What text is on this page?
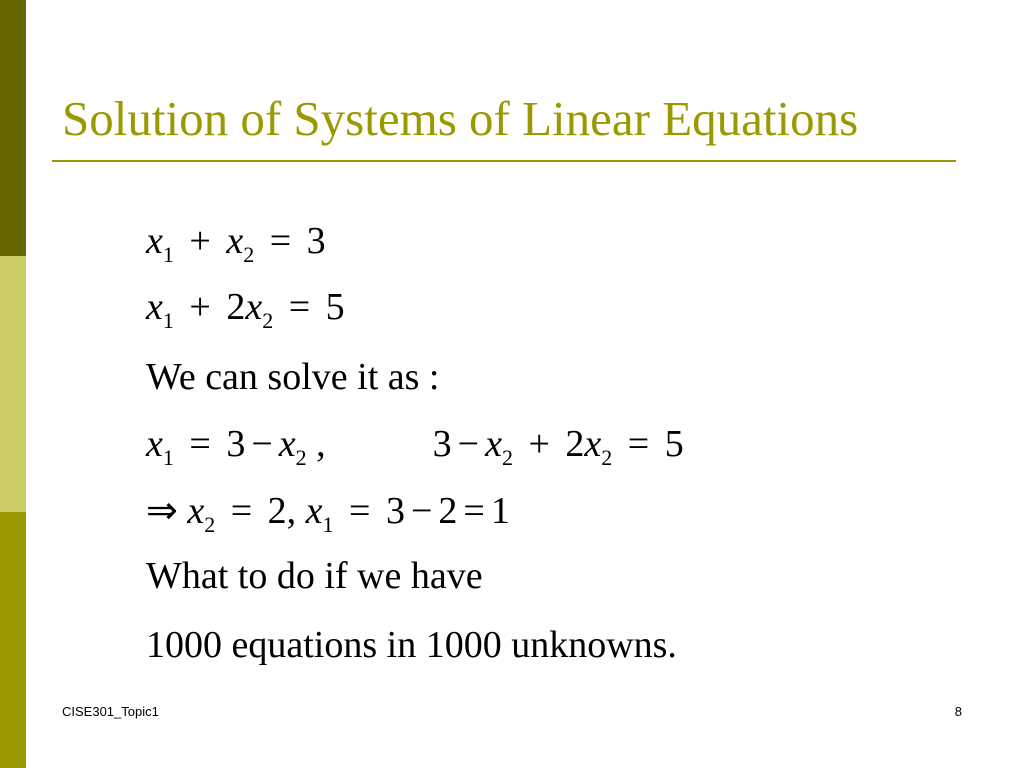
Solution of Systems of Linear Equations
$x_1 + x_2 = 3$
$x_1 + 2x_2 = 5$
We can solve it as :
$x_1 = 3 - x_2$ ,	$3 - x_2 + 2x_2 = 5$
⇒ $x_2 = 2$, $x_1 = 3 - 2 = 1$
What to do if we have
1000 equations in 1000 unknowns.
CISE301_Topic1	8
